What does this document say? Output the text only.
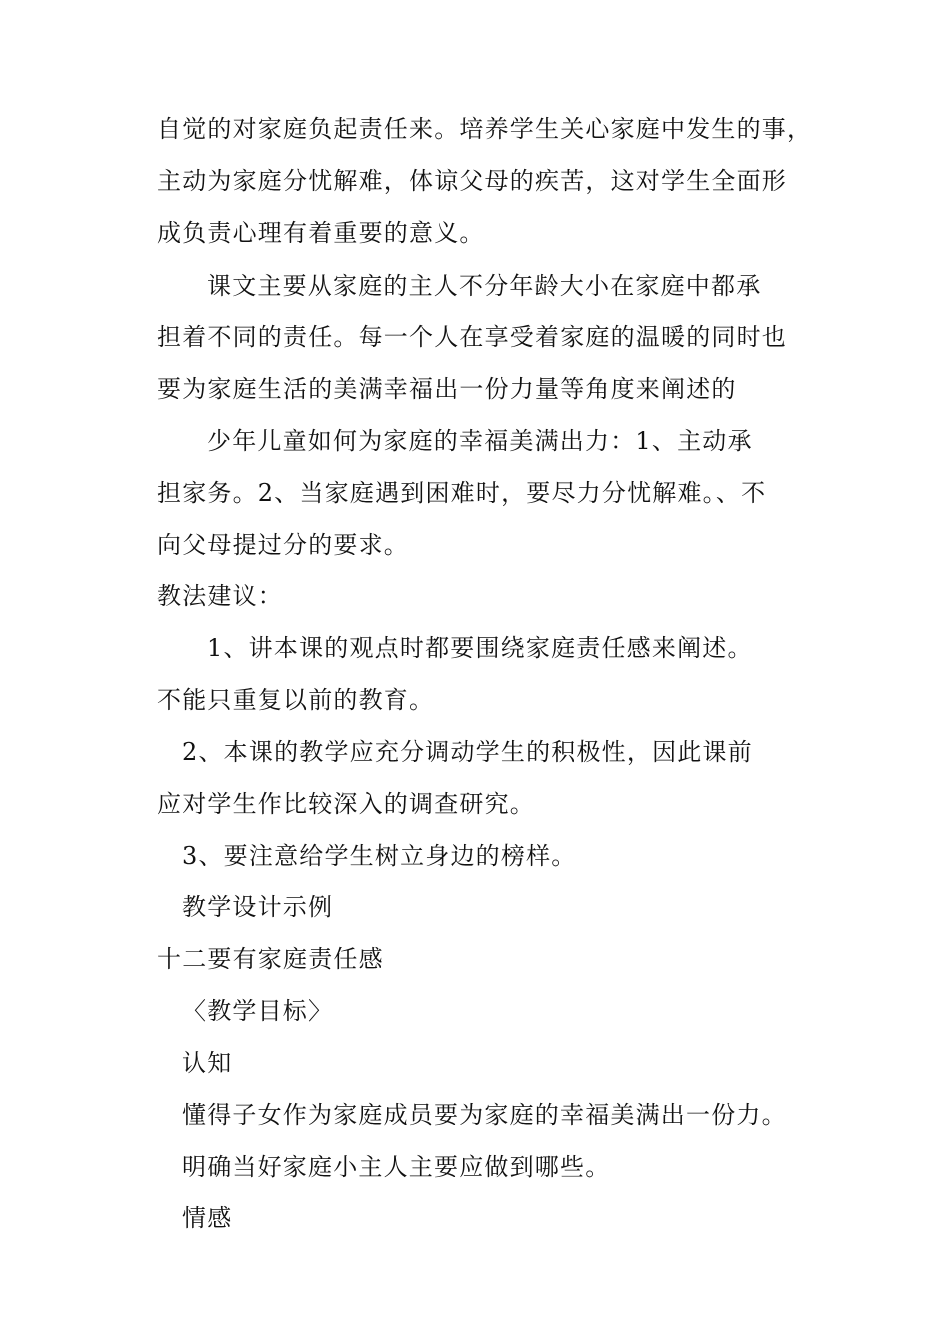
自觉的对家庭负起责任来。培养学生关心家庭中发生的事，
主动为家庭分忧解难，体谅父母的疾苦，这对学生全面形
成负责心理有着重要的意义。
课文主要从家庭的主人不分年龄大小在家庭中都承
担着不同的责任。每一个人在享受着家庭的温暖的同时也
要为家庭生活的美满幸福出一份力量等角度来阐述的
少年儿童如何为家庭的幸福美满出力：1、主动承
担家务。2、当家庭遇到困难时，要尽力分忧解难。、不
向父母提过分的要求。
教法建议：
1、讲本课的观点时都要围绕家庭责任感来阐述。
不能只重复以前的教育。
2、本课的教学应充分调动学生的积极性，因此课前
应对学生作比较深入的调查研究。
3、要注意给学生树立身边的榜样。
教学设计示例
十二要有家庭责任感
〈教学目标〉
认知
懂得子女作为家庭成员要为家庭的幸福美满出一份力。
明确当好家庭小主人主要应做到哪些。
情感
